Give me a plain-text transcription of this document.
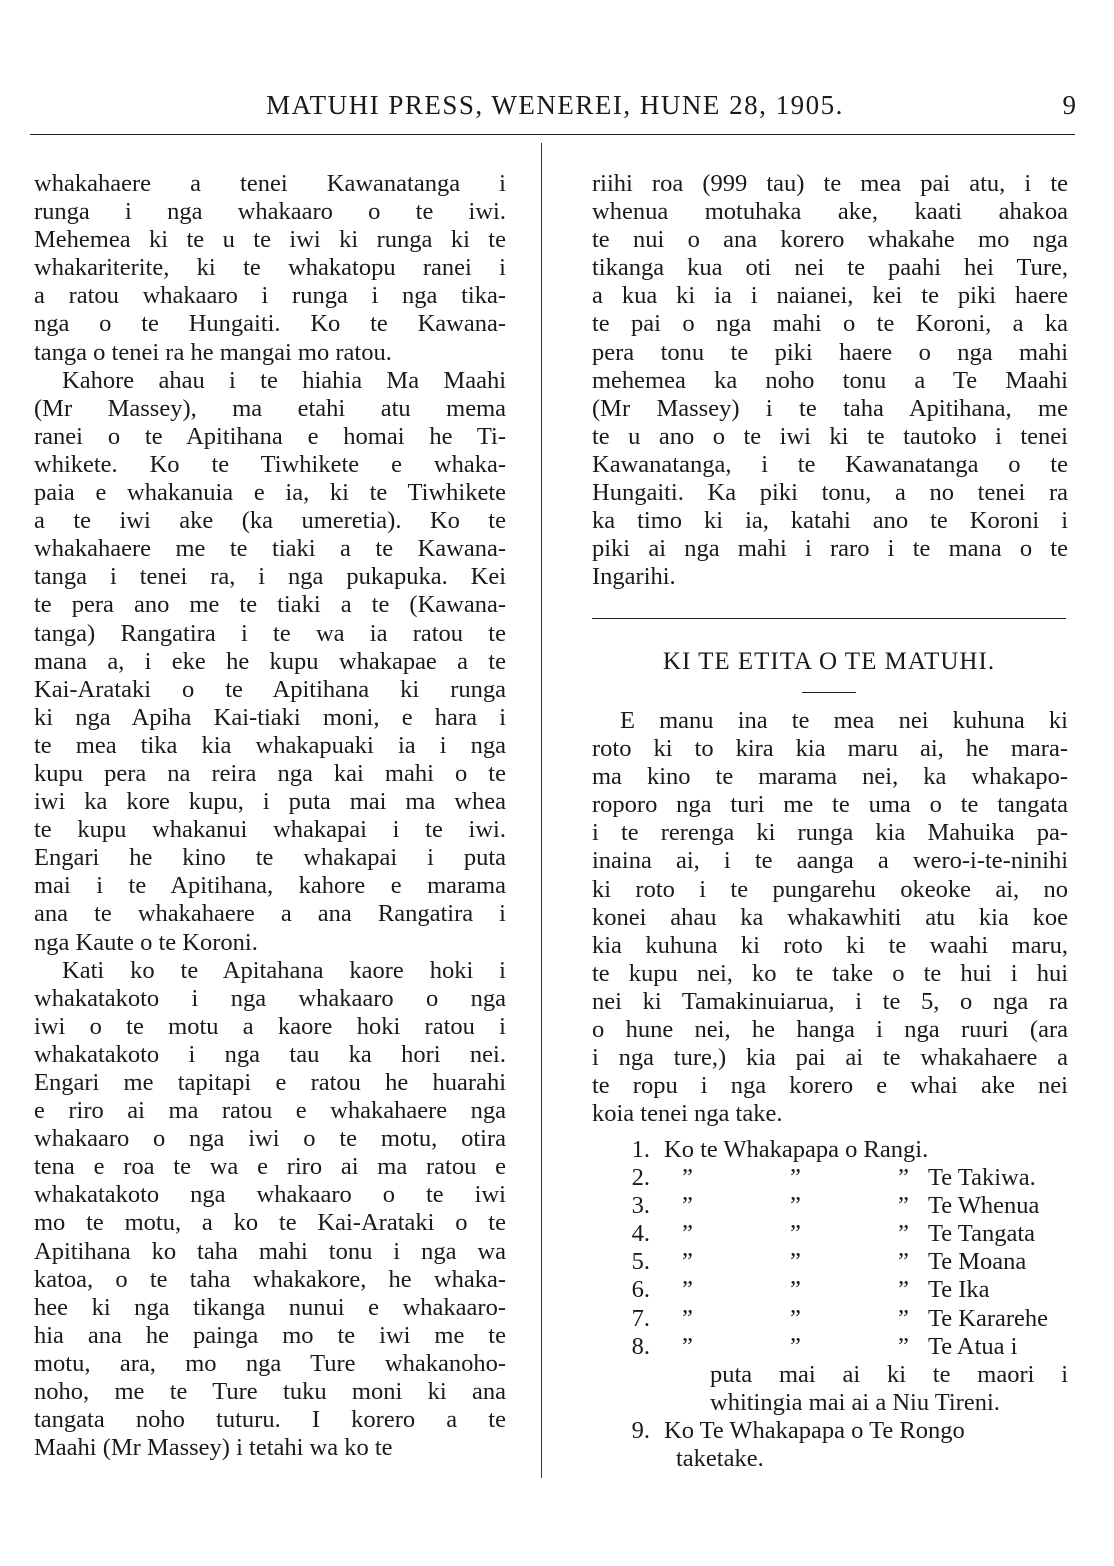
MATUHI PRESS, WENEREI, HUNE 28, 1905.	9
whakahaere a tenei Kawanatanga i
runga i nga whakaaro o te iwi.
Mehemea ki te u te iwi ki runga ki te
whakariterite, ki te whakatopu ranei i
a ratou whakaaro i runga i nga tika-
nga o te Hungaiti. Ko te Kawana-
tanga o tenei ra he mangai mo ratou.
Kahore ahau i te hiahia Ma Maahi
(Mr Massey), ma etahi atu mema
ranei o te Apitihana e homai he Ti-
whikete. Ko te Tiwhikete e whaka-
paia e whakanuia e ia, ki te Tiwhikete
a te iwi ake (ka umeretia). Ko te
whakahaere me te tiaki a te Kawana-
tanga i tenei ra, i nga pukapuka. Kei
te pera ano me te tiaki a te (Kawana-
tanga) Rangatira i te wa ia ratou te
mana a, i eke he kupu whakapae a te
Kai-Arataki o te Apitihana ki runga
ki nga Apiha Kai-tiaki moni, e hara i
te mea tika kia whakapuaki ia i nga
kupu pera na reira nga kai mahi o te
iwi ka kore kupu, i puta mai ma whea
te kupu whakanui whakapai i te iwi.
Engari he kino te whakapai i puta
mai i te Apitihana, kahore e marama
ana te whakahaere a ana Rangatira i
nga Kaute o te Koroni.
Kati ko te Apitahana kaore hoki i
whakatakoto i nga whakaaro o nga
iwi o te motu a kaore hoki ratou i
whakatakoto i nga tau ka hori nei.
Engari me tapitapi e ratou he huarahi
e riro ai ma ratou e whakahaere nga
whakaaro o nga iwi o te motu, otira
tena e roa te wa e riro ai ma ratou e
whakatakoto nga whakaaro o te iwi
mo te motu, a ko te Kai-Arataki o te
Apitihana ko taha mahi tonu i nga wa
katoa, o te taha whakakore, he whaka-
hee ki nga tikanga nunui e whakaaro-
hia ana he painga mo te iwi me te
motu, ara, mo nga Ture whakanoho-
noho, me te Ture tuku moni ki ana
tangata noho tuturu. I korero a te
Maahi (Mr Massey) i tetahi wa ko te
riihi roa (999 tau) te mea pai atu, i te
whenua motuhaka ake, kaati ahakoa
te nui o ana korero whakahe mo nga
tikanga kua oti nei te paahi hei Ture,
a kua ki ia i naianei, kei te piki haere
te pai o nga mahi o te Koroni, a ka
pera tonu te piki haere o nga mahi
mehemea ka noho tonu a Te Maahi
(Mr Massey) i te taha Apitihana, me
te u ano o te iwi ki te tautoko i tenei
Kawanatanga, i te Kawanatanga o te
Hungaiti. Ka piki tonu, a no tenei ra
ka timo ki ia, katahi ano te Koroni i
piki ai nga mahi i raro i te mana o te
Ingarihi.
KI TE ETITA O TE MATUHI.
E manu ina te mea nei kuhuna ki
roto ki to kira kia maru ai, he mara-
ma kino te marama nei, ka whakapo-
roporo nga turi me te uma o te tangata
i te rerenga ki runga kia Mahuika pa-
inaina ai, i te aanga a wero-i-te-ninihi
ki roto i te pungarehu okeoke ai, no
konei ahau ka whakawhiti atu kia koe
kia kuhuna ki roto ki te waahi maru,
te kupu nei, ko te take o te hui i hui
nei ki Tamakinuiarua, i te 5, o nga ra
o hune nei, he hanga i nga ruuri (ara
i nga ture,) kia pai ai te whakahaere a
te ropu i nga korero e whai ake nei
koia tenei nga take.
1. Ko te Whakapapa o Rangi.
2. ”	”	” Te Takiwa.
3. ”	”	” Te Whenua
4. ”	”	” Te Tangata
5. ”	”	” Te Moana
6. ”	”	” Te Ika
7. ”	”	” Te Kararehe
8. ”	”	” Te Atua i
puta mai ai ki te maori i
whitingia mai ai a Niu Tireni.
9. Ko Te Whakapapa o Te Rongo
taketake.
